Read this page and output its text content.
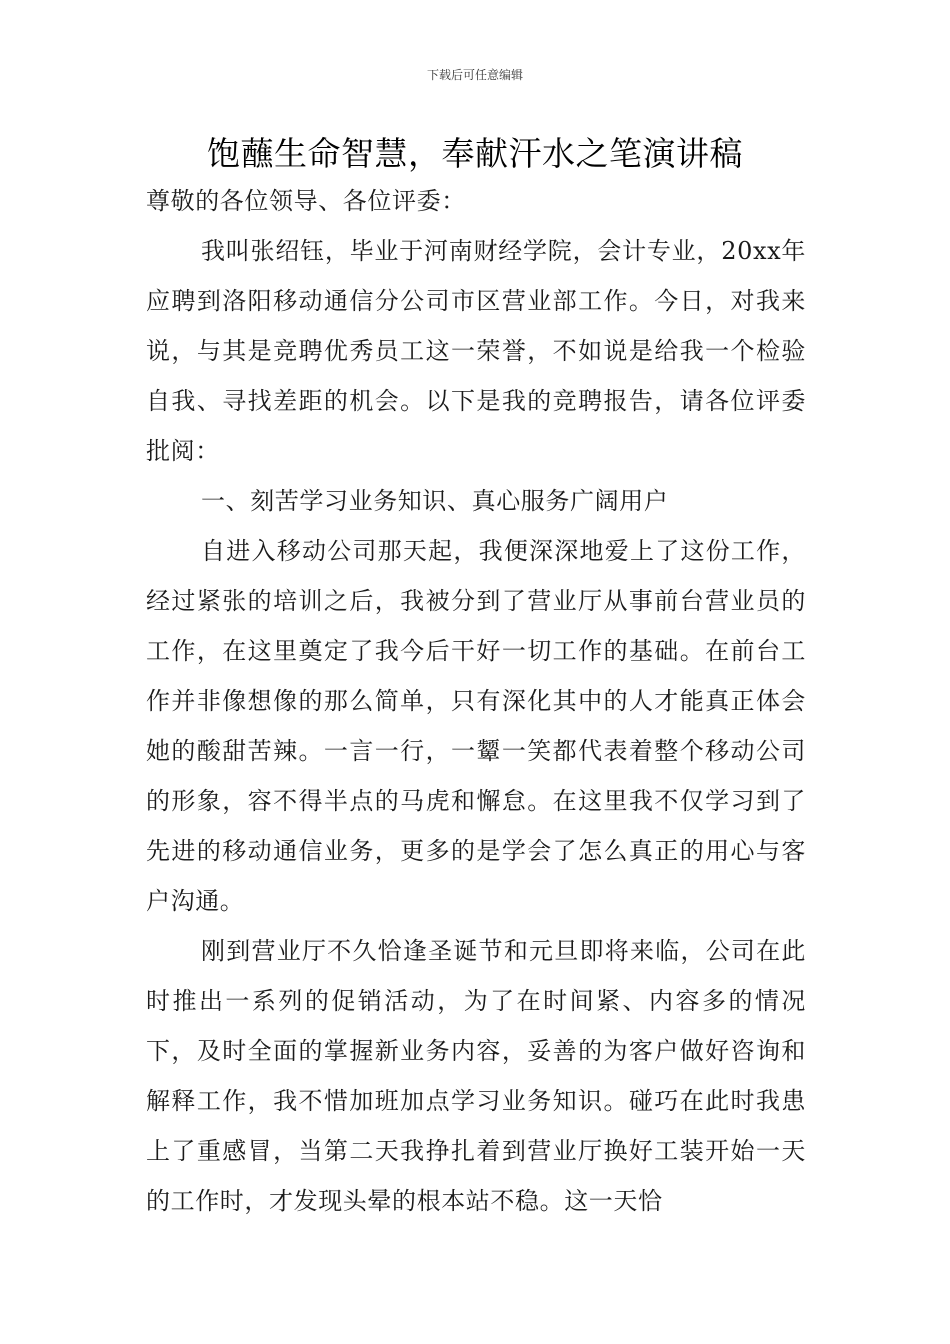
下载后可任意编辑
饱蘸生命智慧，奉献汗水之笔演讲稿

尊敬的各位领导、各位评委：

我叫张绍钰，毕业于河南财经学院，会计专业，20xx年应聘到洛阳移动通信分公司市区营业部工作。今日，对我来说，与其是竞聘优秀员工这一荣誉，不如说是给我一个检验自我、寻找差距的机会。以下是我的竞聘报告，请各位评委批阅：

一、刻苦学习业务知识、真心服务广阔用户

自进入移动公司那天起，我便深深地爱上了这份工作，经过紧张的培训之后，我被分到了营业厅从事前台营业员的工作，在这里奠定了我今后干好一切工作的基础。在前台工作并非像想像的那么简单，只有深化其中的人才能真正体会她的酸甜苦辣。一言一行，一颦一笑都代表着整个移动公司的形象，容不得半点的马虎和懈怠。在这里我不仅学习到了先进的移动通信业务，更多的是学会了怎么真正的用心与客户沟通。

刚到营业厅不久恰逢圣诞节和元旦即将来临，公司在此时推出一系列的促销活动，为了在时间紧、内容多的情况下，及时全面的掌握新业务内容，妥善的为客户做好咨询和解释工作，我不惜加班加点学习业务知识。碰巧在此时我患上了重感冒，当第二天我挣扎着到营业厅换好工装开始一天的工作时，才发现头晕的根本站不稳。这一天恰
